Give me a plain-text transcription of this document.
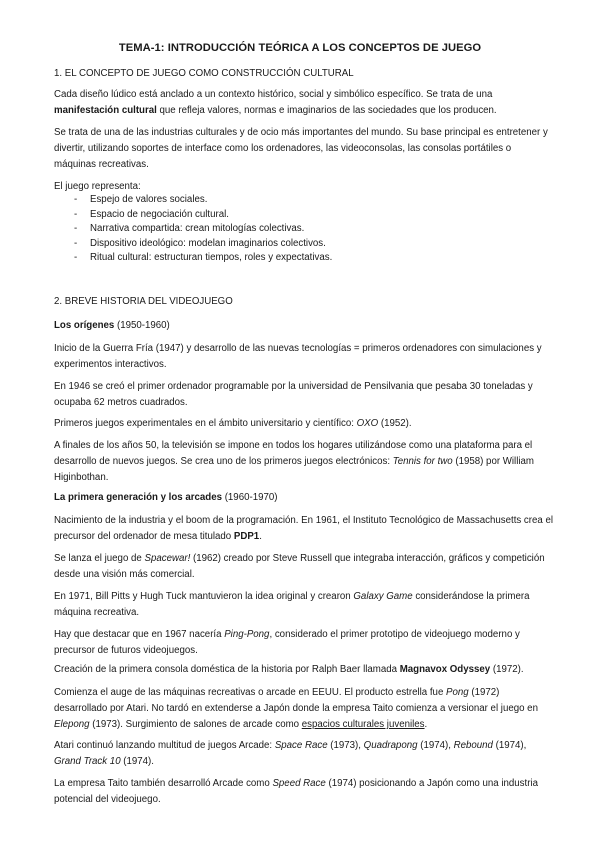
TEMA-1: INTRODUCCIÓN TEÓRICA A LOS CONCEPTOS DE JUEGO

1. EL CONCEPTO DE JUEGO COMO CONSTRUCCIÓN CULTURAL

Cada diseño lúdico está anclado a un contexto histórico, social y simbólico específico. Se trata de una
manifestación cultural que refleja valores, normas e imaginarios de las sociedades que los producen.

Se trata de una de las industrias culturales y de ocio más importantes del mundo. Su base principal es entretener y divertir, utilizando soportes de interface como los ordenadores, las videoconsolas, las consolas portátiles o máquinas recreativas.

El juego representa:

-	Espejo de valores sociales.
-	Espacio de negociación cultural.
-	Narrativa compartida: crean mitologías colectivas.
-	Dispositivo ideológico: modelan imaginarios colectivos.
-	Ritual cultural: estructuran tiempos, roles y expectativas.

2. BREVE HISTORIA DEL VIDEOJUEGO

Los orígenes (1950-1960)

Inicio de la Guerra Fría (1947) y desarrollo de las nuevas tecnologías = primeros ordenadores con simulaciones y experimentos interactivos.

En 1946 se creó el primer ordenador programable por la universidad de Pensilvania que pesaba 30 toneladas y ocupaba 62 metros cuadrados.

Primeros juegos experimentales en el ámbito universitario y científico: OXO (1952).

A finales de los años 50, la televisión se impone en todos los hogares utilizándose como una plataforma para el desarrollo de nuevos juegos. Se crea uno de los primeros juegos electrónicos: Tennis for two (1958) por William Higinbothan.

La primera generación y los arcades (1960-1970)

Nacimiento de la industria y el boom de la programación. En 1961, el Instituto Tecnológico de Massachusetts crea el precursor del ordenador de mesa titulado PDP1.

Se lanza el juego de Spacewar! (1962) creado por Steve Russell que integraba interacción, gráficos y competición desde una visión más comercial.

En 1971, Bill Pitts y Hugh Tuck mantuvieron la idea original y crearon Galaxy Game considerándose la primera máquina recreativa.

Hay que destacar que en 1967 nacería Ping-Pong, considerado el primer prototipo de videojuego moderno y precursor de futuros videojuegos.

Creación de la primera consola doméstica de la historia por Ralph Baer llamada Magnavox Odyssey (1972).

Comienza el auge de las máquinas recreativas o arcade en EEUU. El producto estrella fue Pong (1972) desarrollado por Atari. No tardó en extenderse a Japón donde la empresa Taito comienza a versionar el juego en Elepong (1973). Surgimiento de salones de arcade como espacios culturales juveniles.

Atari continuó lanzando multitud de juegos Arcade: Space Race (1973), Quadrapong (1974), Rebound (1974), Grand Track 10 (1974).

La empresa Taito también desarrolló Arcade como Speed Race (1974) posicionando a Japón como una industria potencial del videojuego.
